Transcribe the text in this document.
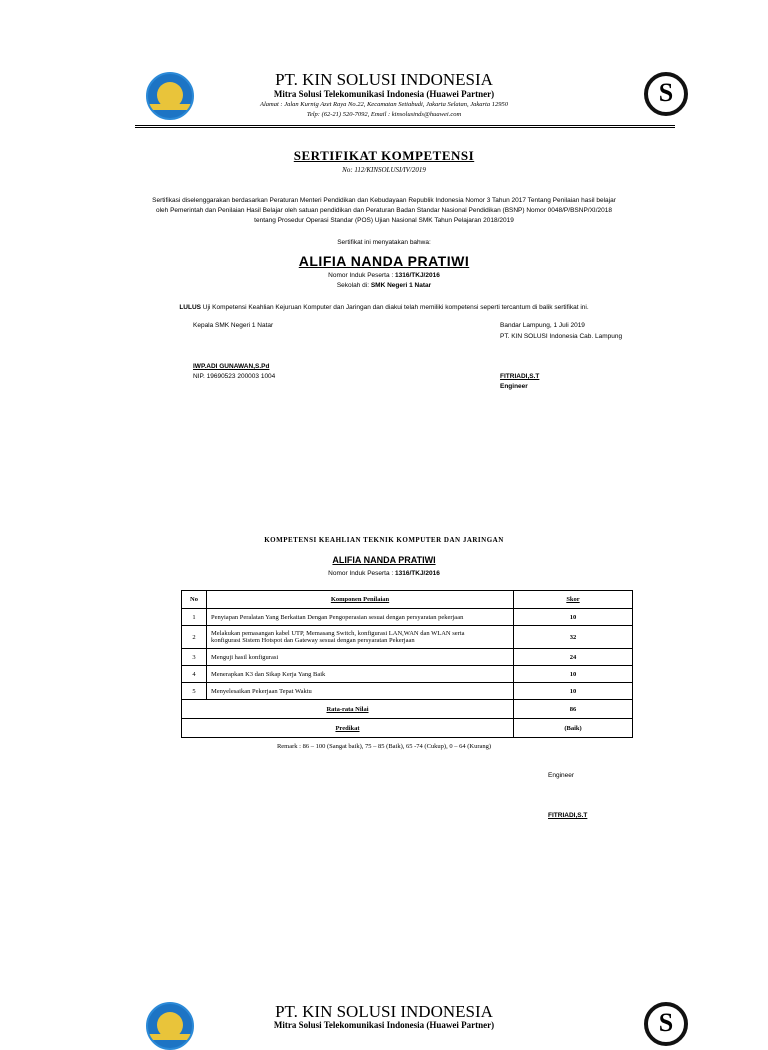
S
PT. KIN SOLUSI INDONESIA
Mitra Solusi Telekomunikasi Indonesia (Huawei Partner)
Alamat : Jalan Kurnig Azet Raya No.22, Kecamatan Setiabudi, Jakarta Selatan, Jakarta 12950
Telp: (62-21) 520-7092, Email : kinsolusinds@huawei.com
SERTIFIKAT KOMPETENSI
No: 112/KINSOLUSI/IV/2019
Sertifikasi diselenggarakan berdasarkan Peraturan Menteri Pendidikan dan Kebudayaan Republik Indonesia Nomor 3 Tahun 2017 Tentang Penilaian hasil belajar
oleh Pemerintah dan Penilaian Hasil Belajar oleh satuan pendidikan dan Peraturan Badan Standar Nasional Pendidikan (BSNP) Nomor 0048/P/BSNP/XI/2018
tentang Prosedur Operasi Standar (POS) Ujian Nasional SMK Tahun Pelajaran 2018/2019
Sertifikat ini menyatakan bahwa:
ALIFIA NANDA PRATIWI
Nomor Induk Peserta : 1316/TKJ/2016
Sekolah di: SMK Negeri 1 Natar
LULUS Uji Kompetensi Keahlian Kejuruan Komputer dan Jaringan dan diakui telah memiliki kompetensi seperti tercantum di balik sertifikat ini.
Kepala SMK Negeri 1 Natar	Bandar Lampung, 1 Juli 2019
PT. KIN SOLUSI Indonesia Cab. Lampung
IWP.ADI GUNAWAN,S.Pd
NIP. 19690523 200003 1004	FITRIADI,S.T
Engineer
KOMPETENSI KEAHLIAN TEKNIK KOMPUTER DAN JARINGAN
ALIFIA NANDA PRATIWI
Nomor Induk Peserta : 1316/TKJ/2016
No	Komponen Penilaian	Skor
1	Penyiapan Peralatan Yang Berkaitan Dengan Pengoperasian sesuai dengan persyaratan pekerjaan	10
2	Melakukan pemasangan kabel UTP, Memasang Switch, konfigurasi LAN,WAN dan WLAN serta
konfigurasi Sistem Hotspot dan Gateway sesuai dengan persyaratan Pekerjaan	32
3	Menguji hasil konfigurasi	24
4	Menerapkan K3 dan Sikap Kerja Yang Baik	10
5	Menyelesaikan Pekerjaan Tepat Waktu	10
Rata-rata Nilai		86
Predikat		(Baik)
Remark : 86 – 100 (Sangat baik), 75 – 85 (Baik), 65 -74 (Cukup), 0 – 64 (Kurang)
Engineer
FITRIADI,S.T
S
PT. KIN SOLUSI INDONESIA
Mitra Solusi Telekomunikasi Indonesia (Huawei Partner)
